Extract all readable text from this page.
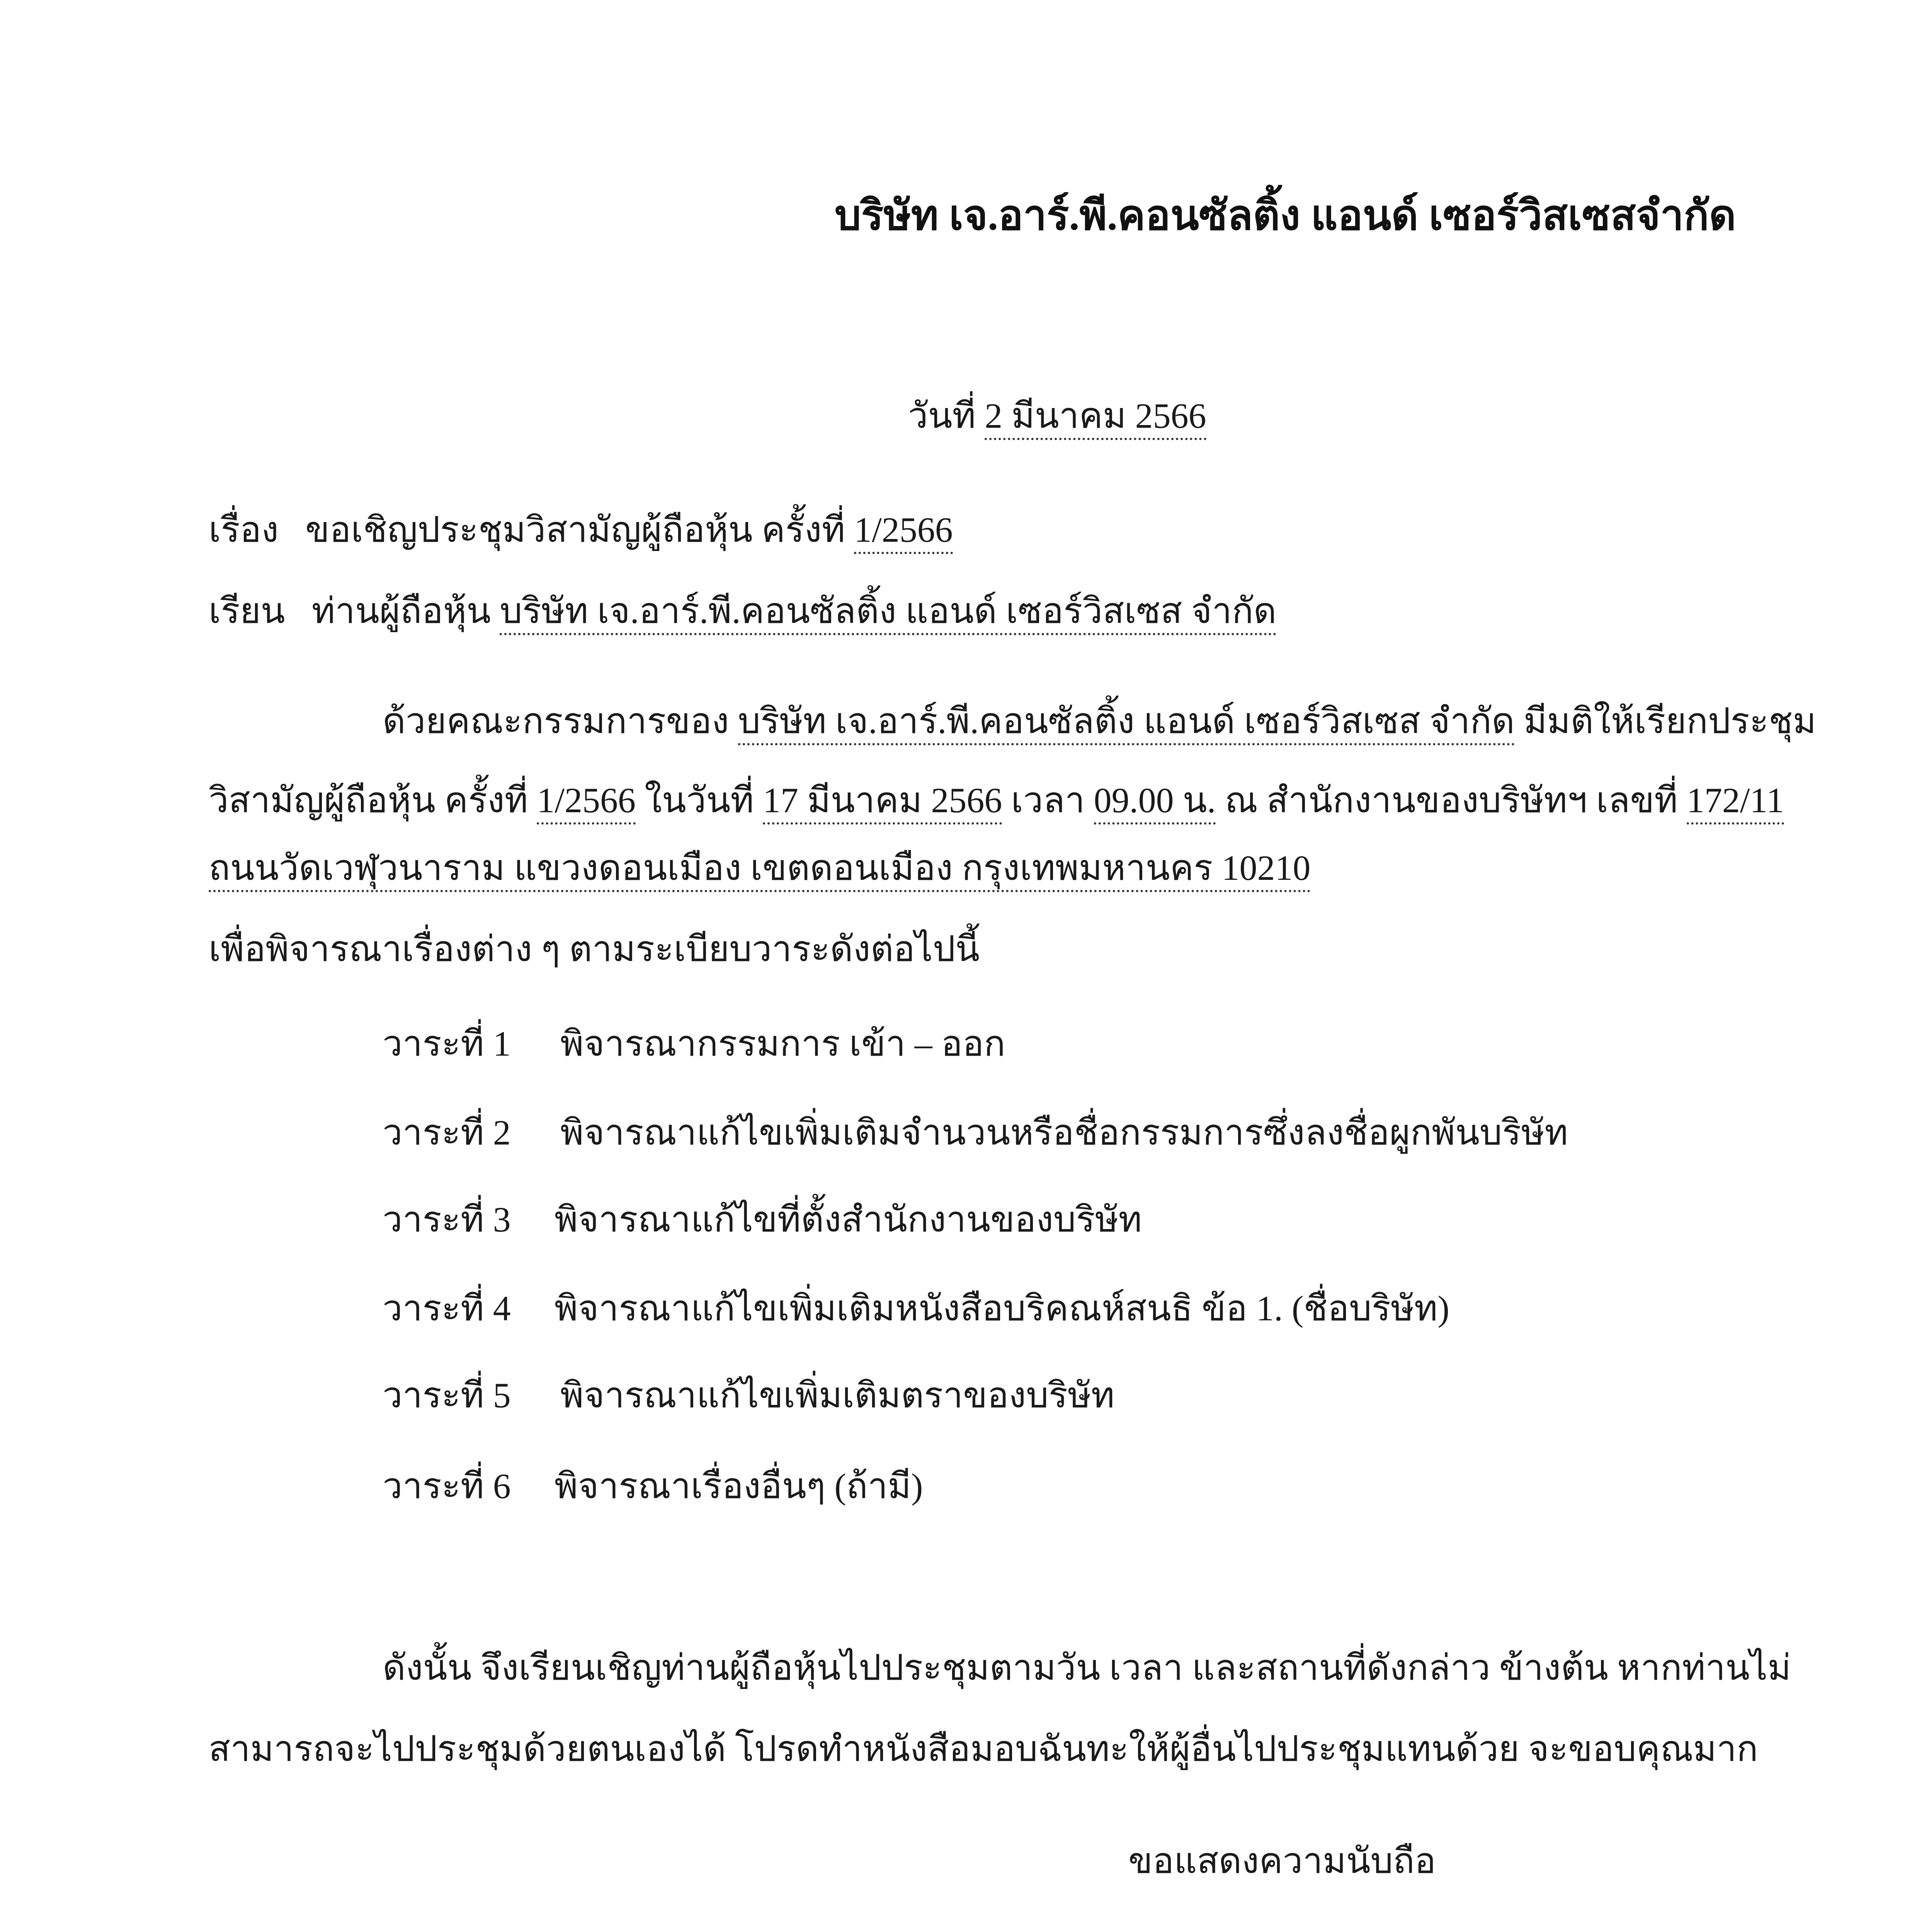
บริษัท เจ.อาร์.พี.คอนซัลติ้ง แอนด์ เซอร์วิสเซสจำกัด
วันที่ 2 มีนาคม 2566
เรื่อง ขอเชิญประชุมวิสามัญผู้ถือหุ้น ครั้งที่ 1/2566
เรียน ท่านผู้ถือหุ้น บริษัท เจ.อาร์.พี.คอนซัลติ้ง แอนด์ เซอร์วิสเซส จำกัด
ด้วยคณะกรรมการของ บริษัท เจ.อาร์.พี.คอนซัลติ้ง แอนด์ เซอร์วิสเซส จำกัด มีมติให้เรียกประชุม
วิสามัญผู้ถือหุ้น ครั้งที่ 1/2566 ในวันที่ 17 มีนาคม 2566 เวลา 09.00 น. ณ สำนักงานของบริษัทฯ เลขที่ 172/11
ถนนวัดเวฬุวนาราม แขวงดอนเมือง เขตดอนเมือง กรุงเทพมหานคร 10210
เพื่อพิจารณาเรื่องต่าง ๆ ตามระเบียบวาระดังต่อไปนี้
วาระที่ 1 พิจารณากรรมการ เข้า – ออก
วาระที่ 2 พิจารณาแก้ไขเพิ่มเติมจำนวนหรือชื่อกรรมการซึ่งลงชื่อผูกพันบริษัท
วาระที่ 3 พิจารณาแก้ไขที่ตั้งสำนักงานของบริษัท
วาระที่ 4 พิจารณาแก้ไขเพิ่มเติมหนังสือบริคณห์สนธิ ข้อ 1. (ชื่อบริษัท)
วาระที่ 5 พิจารณาแก้ไขเพิ่มเติมตราของบริษัท
วาระที่ 6 พิจารณาเรื่องอื่นๆ (ถ้ามี)
ดังนั้น จึงเรียนเชิญท่านผู้ถือหุ้นไปประชุมตามวัน เวลา และสถานที่ดังกล่าว ข้างต้น หากท่านไม่
สามารถจะไปประชุมด้วยตนเองได้ โปรดทำหนังสือมอบฉันทะให้ผู้อื่นไปประชุมแทนด้วย จะขอบคุณมาก
ขอแสดงความนับถือ
